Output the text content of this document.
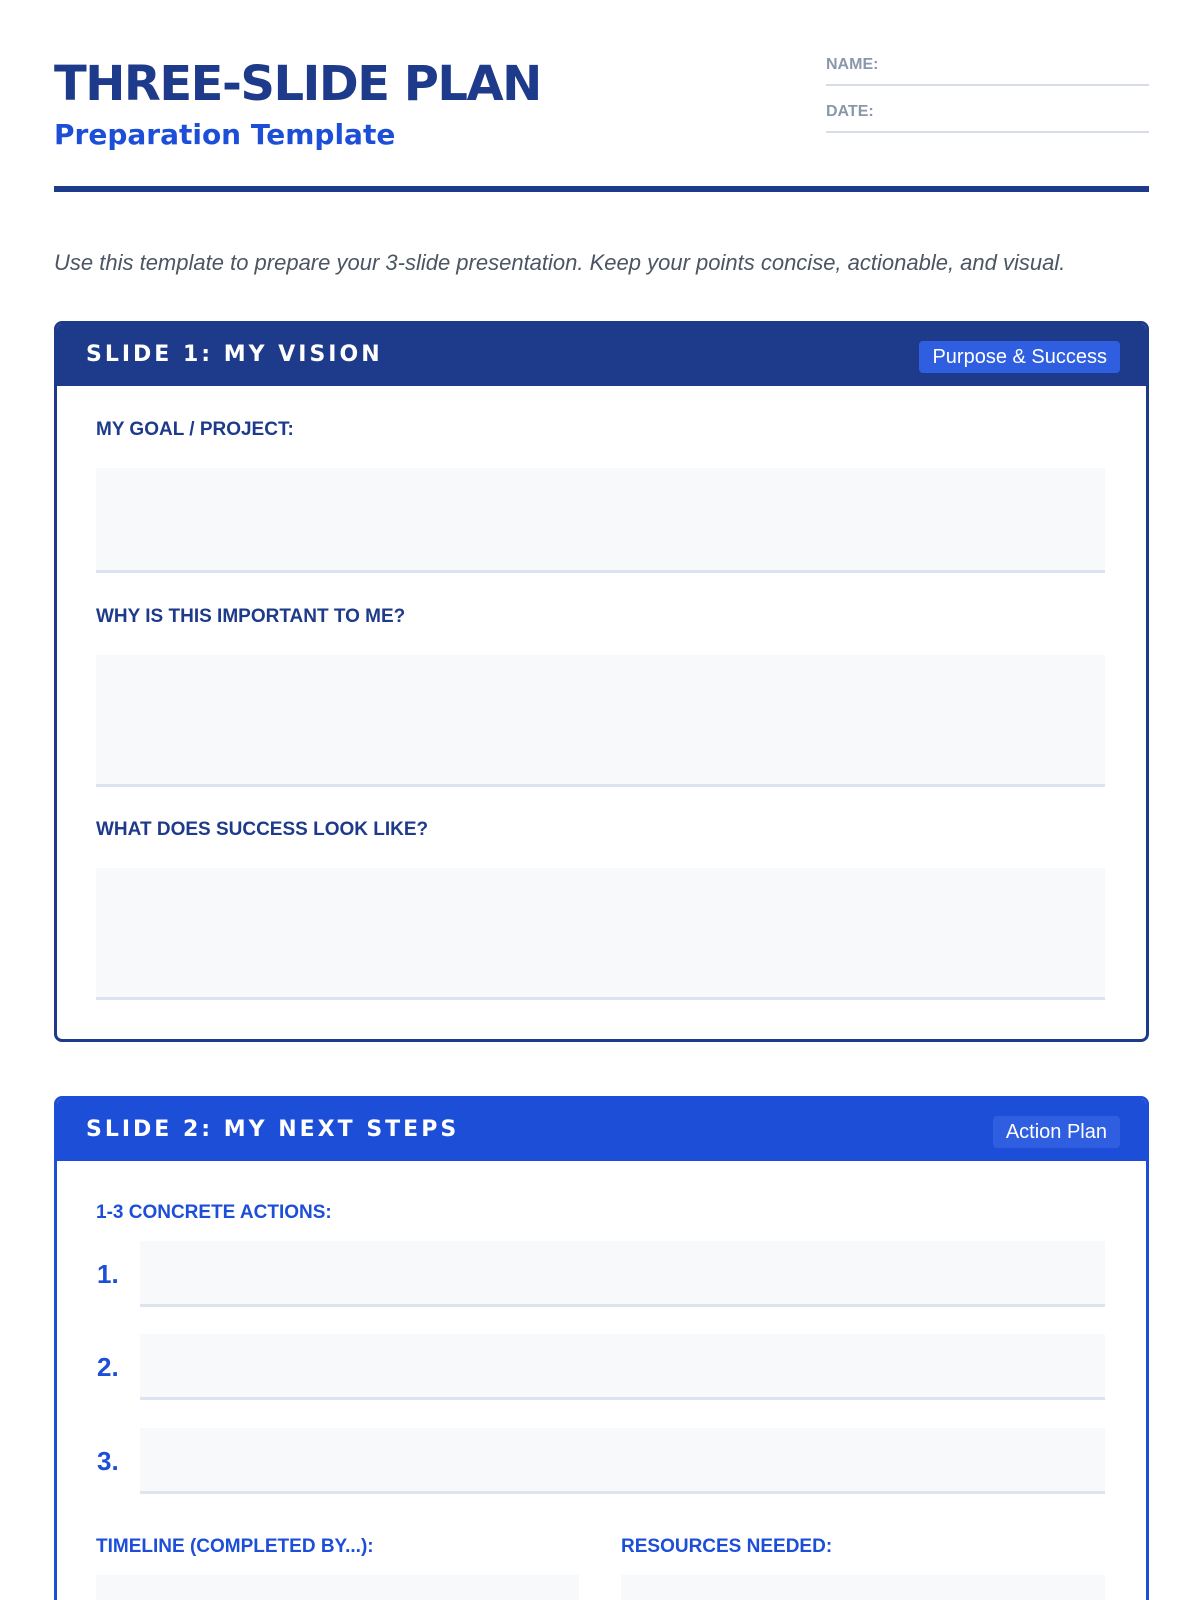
THREE-SLIDE PLAN
Preparation Template
NAME:
DATE:
Use this template to prepare your 3-slide presentation. Keep your points concise, actionable, and visual.
SLIDE 1: MY VISION	Purpose & Success
MY GOAL / PROJECT:
WHY IS THIS IMPORTANT TO ME?
WHAT DOES SUCCESS LOOK LIKE?
SLIDE 2: MY NEXT STEPS	Action Plan
1-3 CONCRETE ACTIONS:
1.
2.
3.
TIMELINE (COMPLETED BY...):	RESOURCES NEEDED:
